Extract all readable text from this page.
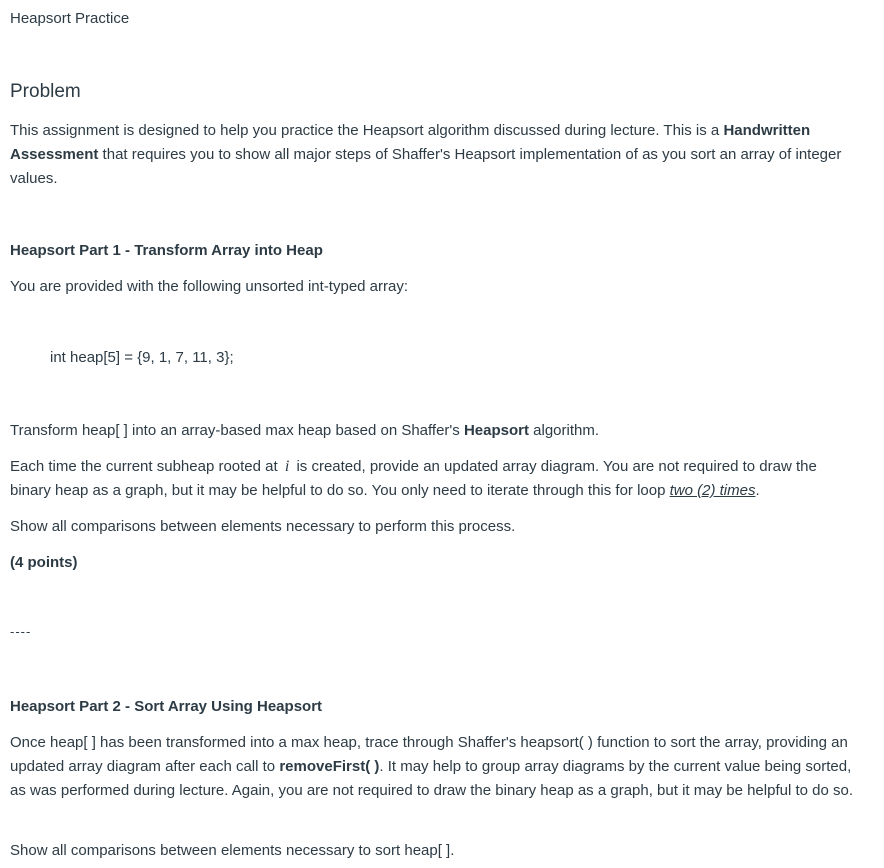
Heapsort Practice
Problem

This assignment is designed to help you practice the Heapsort algorithm discussed during lecture. This is a Handwritten Assessment that requires you to show all major steps of Shaffer's Heapsort implementation of as you sort an array of integer values.

Heapsort Part 1 - Transform Array into Heap

You are provided with the following unsorted int-typed array:

int heap[5] = {9, 1, 7, 11, 3};

Transform heap[ ] into an array-based max heap based on Shaffer's Heapsort algorithm.

Each time the current subheap rooted at i is created, provide an updated array diagram. You are not required to draw the binary heap as a graph, but it may be helpful to do so. You only need to iterate through this for loop two (2) times.

Show all comparisons between elements necessary to perform this process.

(4 points)

----
Heapsort Part 2 - Sort Array Using Heapsort

Once heap[ ] has been transformed into a max heap, trace through Shaffer's heapsort( ) function to sort the array, providing an updated array diagram after each call to removeFirst( ). It may help to group array diagrams by the current value being sorted, as was performed during lecture. Again, you are not required to draw the binary heap as a graph, but it may be helpful to do so.

Show all comparisons between elements necessary to sort heap[ ].
